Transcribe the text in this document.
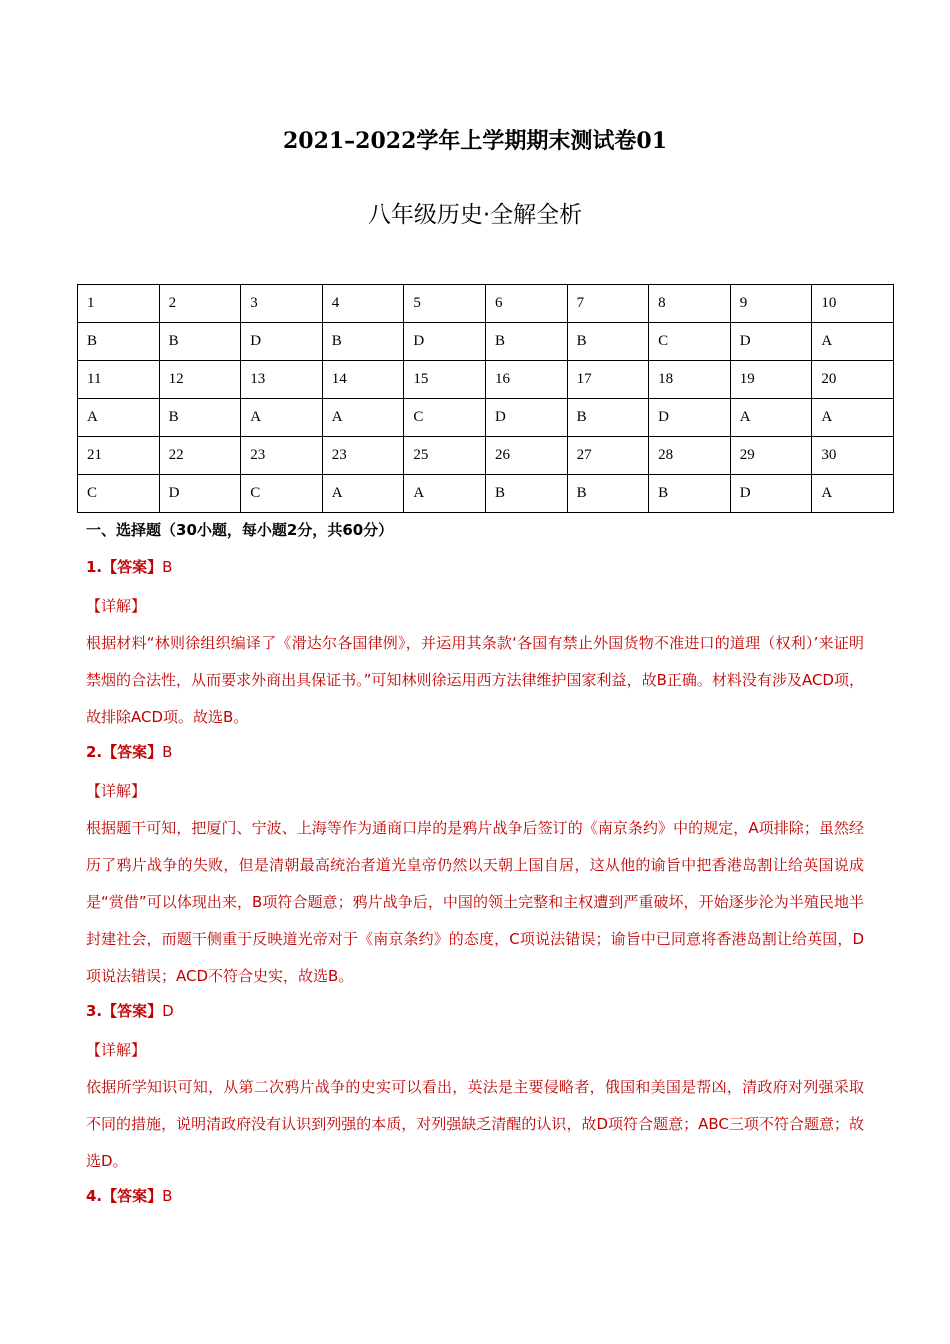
2021–2022学年上学期期末测试卷01
八年级历史·全解全析
1	2	3	4	5	6	7	8	9	10
B	B	D	B	D	B	B	C	D	A
11	12	13	14	15	16	17	18	19	20
A	B	A	A	C	D	B	D	A	A
21	22	23	23	25	26	27	28	29	30
C	D	C	A	A	B	B	B	D	A
一、选择题（30小题，每小题2分，共60分）
1.【答案】B
【详解】

根据材料“林则徐组织编译了《滑达尔各国律例》，并运用其条款‘各国有禁止外国货物不准进口的道理（权利）’来证明禁烟的合法性，从而要求外商出具保证书。”可知林则徐运用西方法律维护国家利益，故B正确。材料没有涉及ACD项，故排除ACD项。故选B。

2.【答案】B
【详解】

根据题干可知，把厦门、宁波、上海等作为通商口岸的是鸦片战争后签订的《南京条约》中的规定，A项排除；虽然经历了鸦片战争的失败，但是清朝最高统治者道光皇帝仍然以天朝上国自居，这从他的谕旨中把香港岛割让给英国说成是“赏借”可以体现出来，B项符合题意；鸦片战争后，中国的领土完整和主权遭到严重破坏，开始逐步沦为半殖民地半封建社会，而题干侧重于反映道光帝对于《南京条约》的态度，C项说法错误；谕旨中已同意将香港岛割让给英国，D项说法错误；ACD不符合史实，故选B。

3.【答案】D
【详解】

依据所学知识可知，从第二次鸦片战争的史实可以看出，英法是主要侵略者，俄国和美国是帮凶，清政府对列强采取不同的措施，说明清政府没有认识到列强的本质，对列强缺乏清醒的认识，故D项符合题意；ABC三项不符合题意；故选D。

4.【答案】B
